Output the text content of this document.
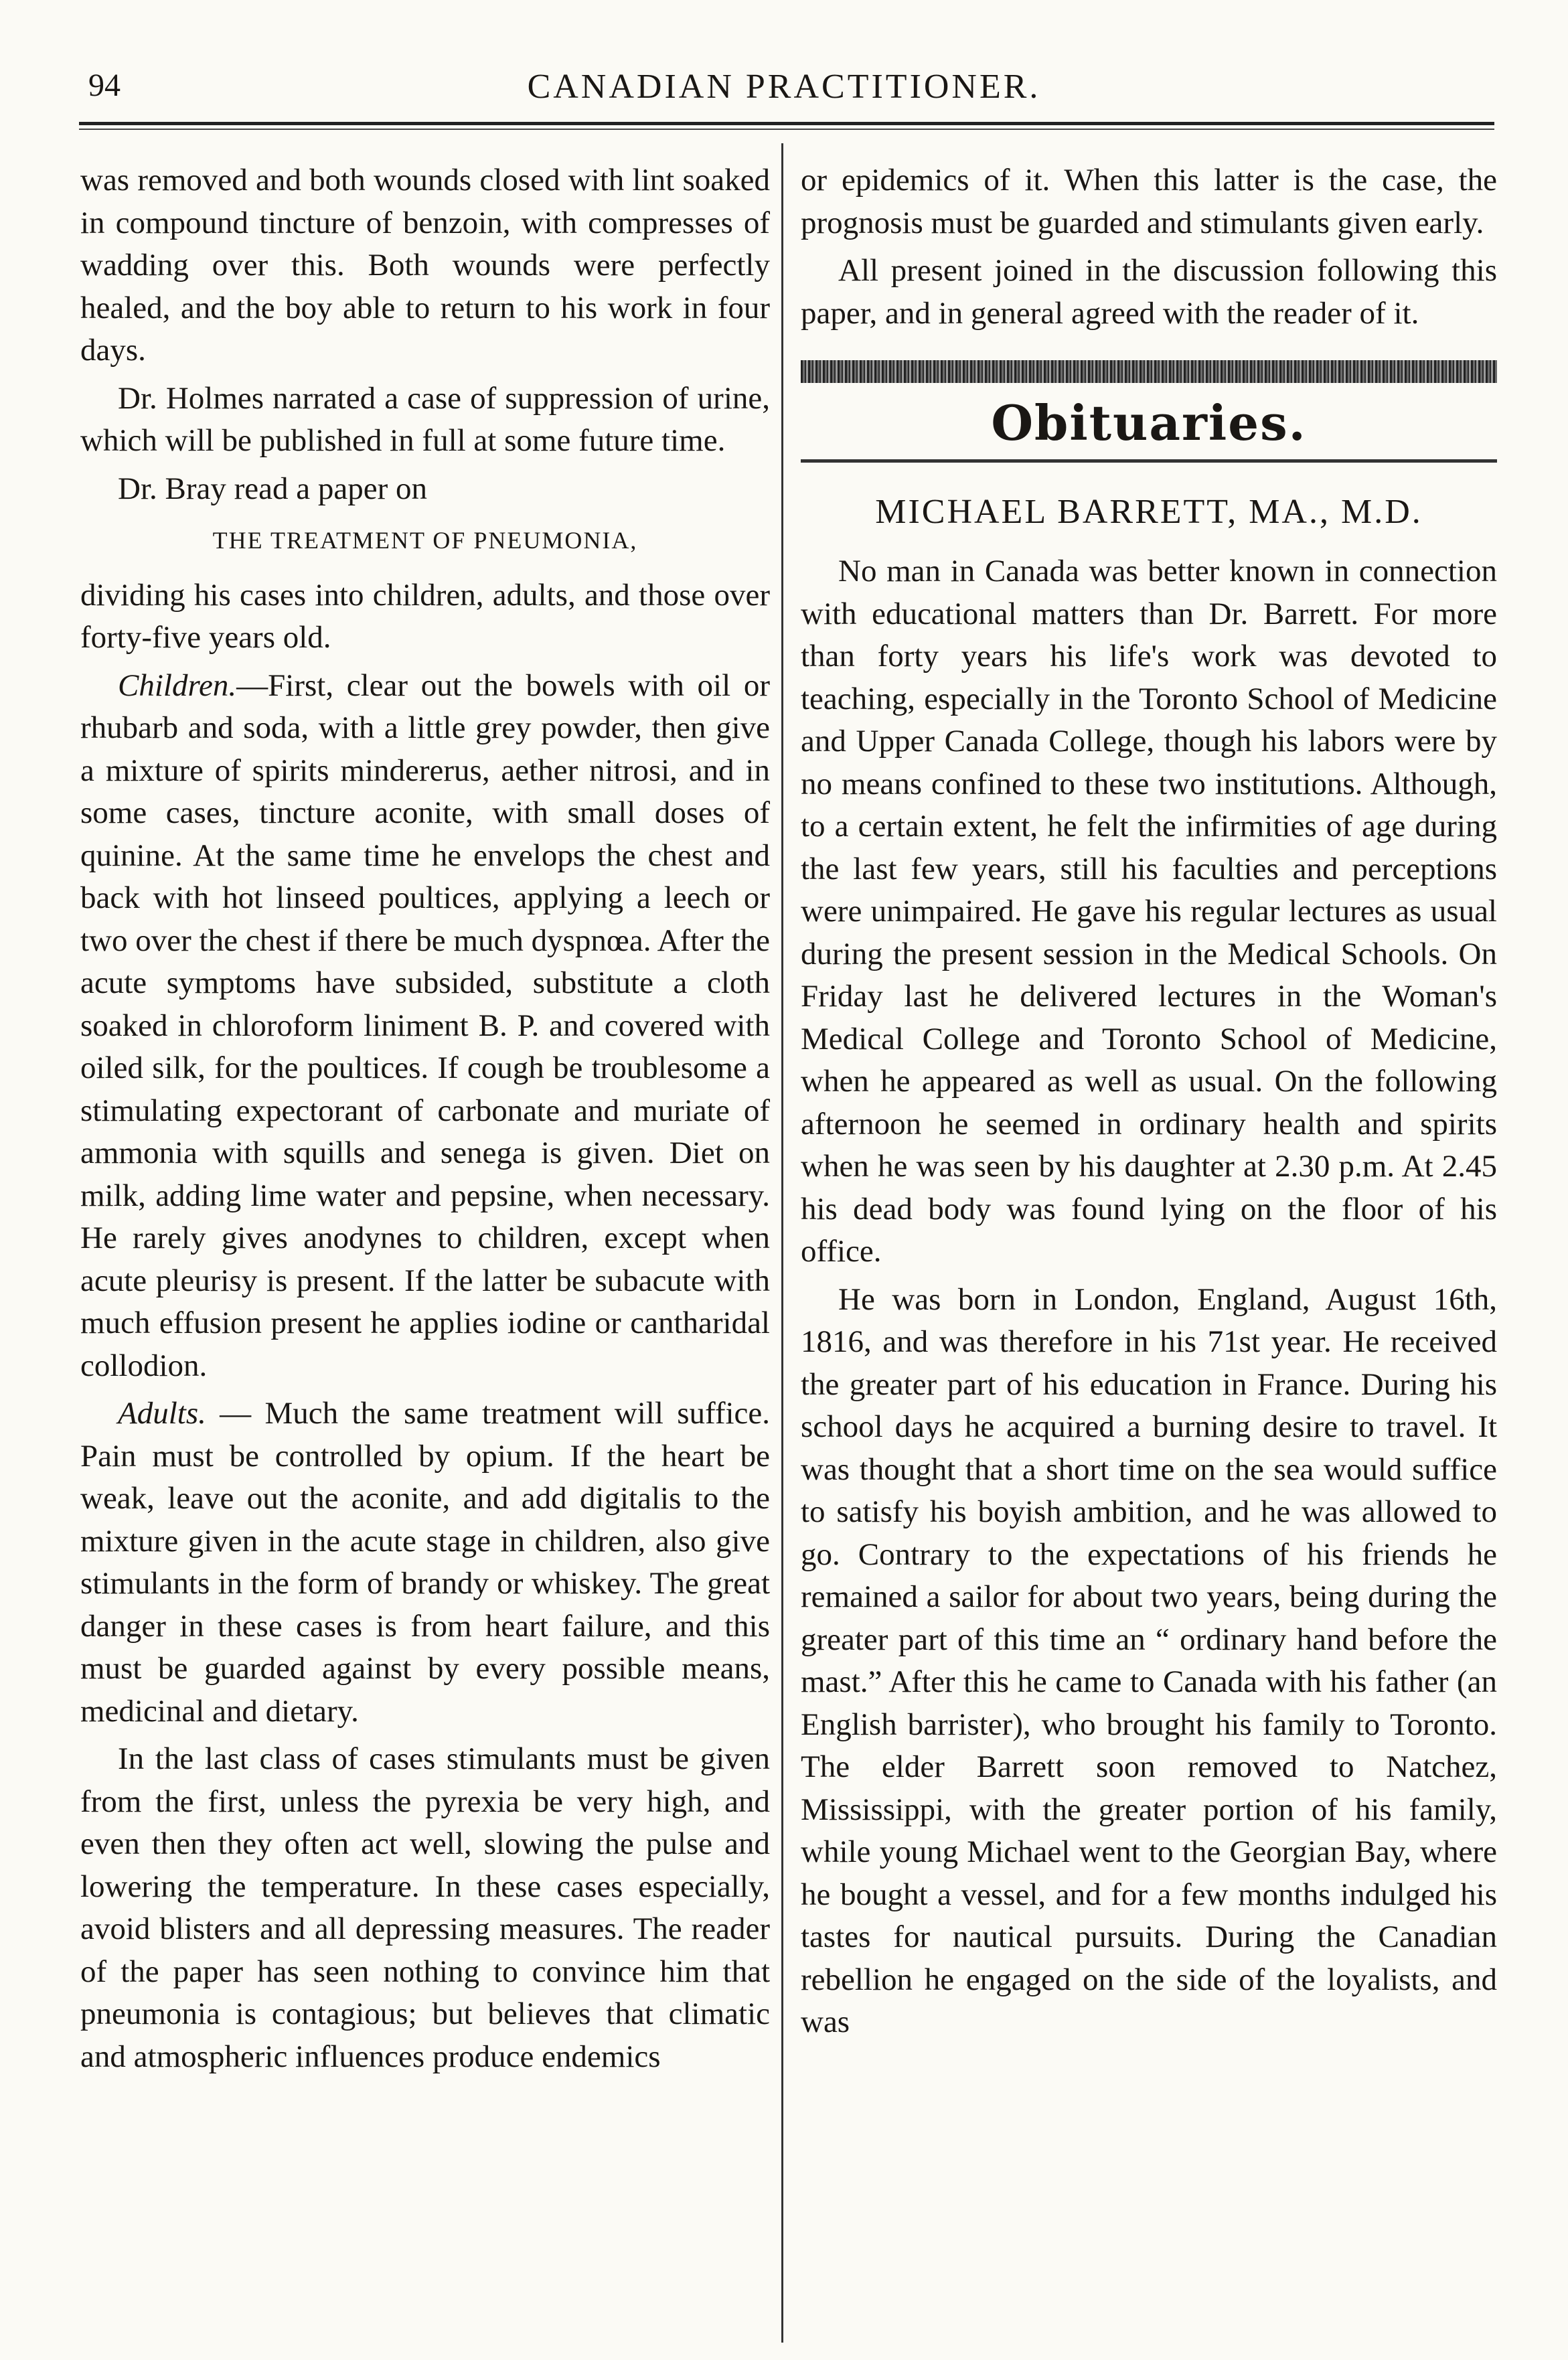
94	CANADIAN PRACTITIONER.

was removed and both wounds closed with lint soaked in compound tincture of benzoin, with compresses of wadding over this. Both wounds were perfectly healed, and the boy able to return to his work in four days.

Dr. Holmes narrated a case of suppression of urine, which will be published in full at some future time.

Dr. Bray read a paper on

THE TREATMENT OF PNEUMONIA,

dividing his cases into children, adults, and those over forty-five years old.

Children.—First, clear out the bowels with oil or rhubarb and soda, with a little grey powder, then give a mixture of spirits mindererus, aether nitrosi, and in some cases, tincture aconite, with small doses of quinine. At the same time he envelops the chest and back with hot linseed poultices, applying a leech or two over the chest if there be much dyspnœa. After the acute symptoms have subsided, substitute a cloth soaked in chloroform liniment B. P. and covered with oiled silk, for the poultices. If cough be troublesome a stimulating expectorant of carbonate and muriate of ammonia with squills and senega is given. Diet on milk, adding lime water and pepsine, when necessary. He rarely gives anodynes to children, except when acute pleurisy is present. If the latter be subacute with much effusion present he applies iodine or cantharidal collodion.

Adults. — Much the same treatment will suffice. Pain must be controlled by opium. If the heart be weak, leave out the aconite, and add digitalis to the mixture given in the acute stage in children, also give stimulants in the form of brandy or whiskey. The great danger in these cases is from heart failure, and this must be guarded against by every possible means, medicinal and dietary.

In the last class of cases stimulants must be given from the first, unless the pyrexia be very high, and even then they often act well, slowing the pulse and lowering the temperature. In these cases especially, avoid blisters and all depressing measures. The reader of the paper has seen nothing to convince him that pneumonia is contagious; but believes that climatic and atmospheric influences produce endemics

or epidemics of it. When this latter is the case, the prognosis must be guarded and stimulants given early.

All present joined in the discussion following this paper, and in general agreed with the reader of it.

Obituaries.
MICHAEL BARRETT, MA., M.D.

No man in Canada was better known in connection with educational matters than Dr. Barrett. For more than forty years his life's work was devoted to teaching, especially in the Toronto School of Medicine and Upper Canada College, though his labors were by no means confined to these two institutions. Although, to a certain extent, he felt the infirmities of age during the last few years, still his faculties and perceptions were unimpaired. He gave his regular lectures as usual during the present session in the Medical Schools. On Friday last he delivered lectures in the Woman's Medical College and Toronto School of Medicine, when he appeared as well as usual. On the following afternoon he seemed in ordinary health and spirits when he was seen by his daughter at 2.30 p.m. At 2.45 his dead body was found lying on the floor of his office.

He was born in London, England, August 16th, 1816, and was therefore in his 71st year. He received the greater part of his education in France. During his school days he acquired a burning desire to travel. It was thought that a short time on the sea would suffice to satisfy his boyish ambition, and he was allowed to go. Contrary to the expectations of his friends he remained a sailor for about two years, being during the greater part of this time an “ ordinary hand before the mast.” After this he came to Canada with his father (an English barrister), who brought his family to Toronto. The elder Barrett soon removed to Natchez, Mississippi, with the greater portion of his family, while young Michael went to the Georgian Bay, where he bought a vessel, and for a few months indulged his tastes for nautical pursuits. During the Canadian rebellion he engaged on the side of the loyalists, and was
